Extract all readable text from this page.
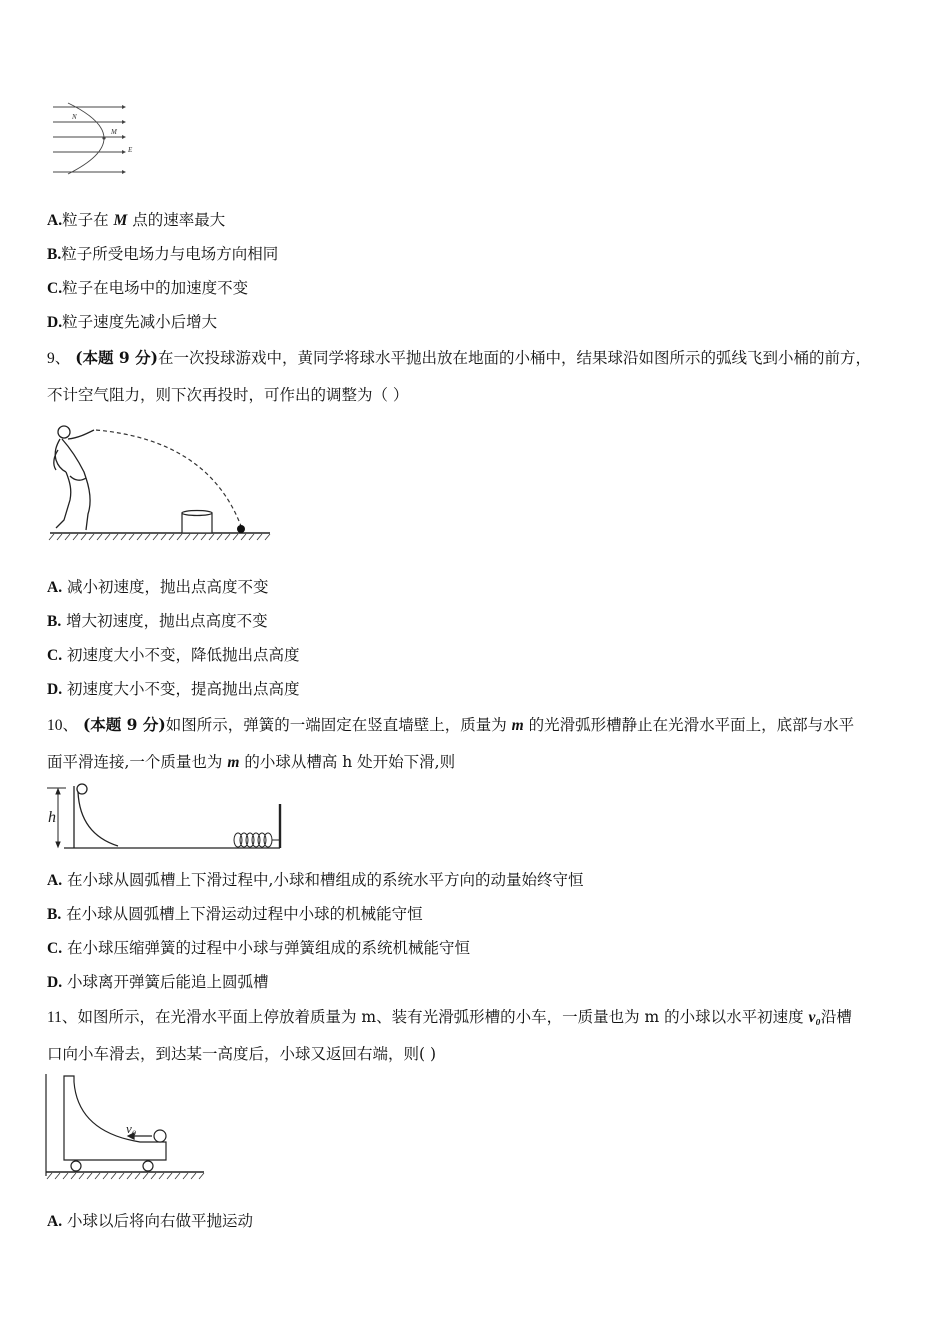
N
M
E
A.粒子在 M 点的速率最大
B.粒子所受电场力与电场方向相同
C.粒子在电场中的加速度不变
D.粒子速度先减小后增大
9、 (本题 9 分)在一次投球游戏中，黄同学将球水平抛出放在地面的小桶中，结果球沿如图所示的弧线飞到小桶的前方，
不计空气阻力，则下次再投时，可作出的调整为（ ）
A. 减小初速度，抛出点高度不变
B. 增大初速度，抛出点高度不变
C. 初速度大小不变，降低抛出点高度
D. 初速度大小不变，提高抛出点高度
10、 (本题 9 分)如图所示，弹簧的一端固定在竖直墙壁上，质量为 m 的光滑弧形槽静止在光滑水平面上，底部与水平
面平滑连接,一个质量也为 m 的小球从槽高 h 处开始下滑,则
h
A. 在小球从圆弧槽上下滑过程中,小球和槽组成的系统水平方向的动量始终守恒
B. 在小球从圆弧槽上下滑运动过程中小球的机械能守恒
C. 在小球压缩弹簧的过程中小球与弹簧组成的系统机械能守恒
D. 小球离开弹簧后能追上圆弧槽
11、如图所示，在光滑水平面上停放着质量为 m、装有光滑弧形槽的小车，一质量也为 m 的小球以水平初速度 v₀沿槽
口向小车滑去，到达某一高度后，小球又返回右端，则( )
v₀
A. 小球以后将向右做平抛运动
